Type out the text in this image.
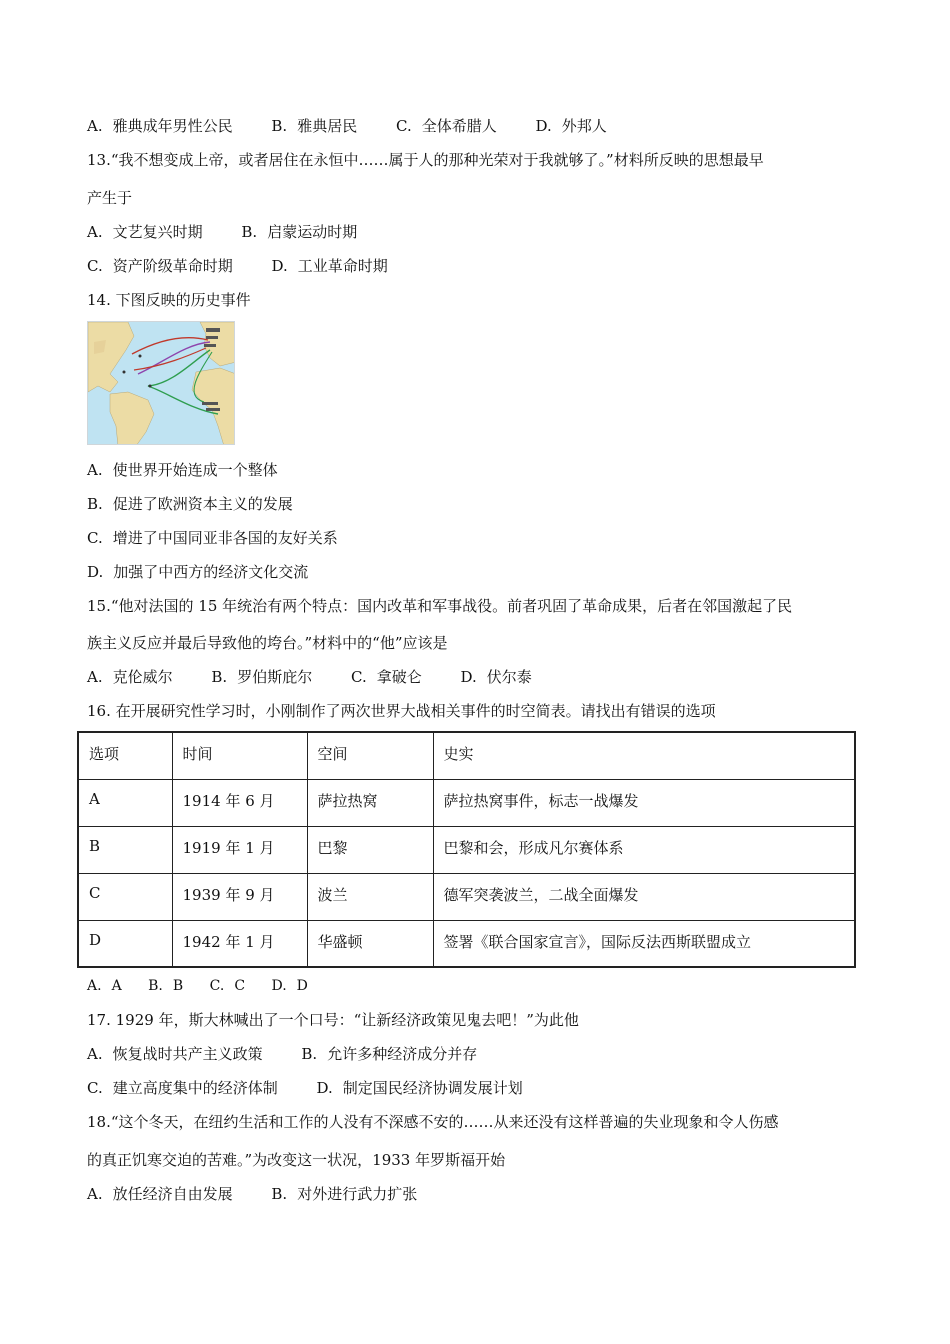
A. 雅典成年男性公民	B. 雅典居民	C. 全体希腊人	D. 外邦人
13.“我不想变成上帝，或者居住在永恒中……属于人的那种光荣对于我就够了。”材料所反映的思想最早
产生于
A. 文艺复兴时期	B. 启蒙运动时期
C. 资产阶级革命时期	D. 工业革命时期
14. 下图反映的历史事件
A. 使世界开始连成一个整体
B. 促进了欧洲资本主义的发展
C. 增进了中国同亚非各国的友好关系
D. 加强了中西方的经济文化交流
15.“他对法国的 15 年统治有两个特点：国内改革和军事战役。前者巩固了革命成果，后者在邻国激起了民
族主义反应并最后导致他的垮台。”材料中的“他”应该是
A. 克伦威尔	B. 罗伯斯庇尔	C. 拿破仑	D. 伏尔泰
16. 在开展研究性学习时，小刚制作了两次世界大战相关事件的时空简表。请找出有错误的选项
选项	时间	空间	史实
A	1914 年 6 月	萨拉热窝	萨拉热窝事件，标志一战爆发
B	1919 年 1 月	巴黎	巴黎和会，形成凡尔赛体系
C	1939 年 9 月	波兰	德军突袭波兰，二战全面爆发
D	1942 年 1 月	华盛顿	签署《联合国家宣言》，国际反法西斯联盟成立
A. A B. B C. C D. D
17. 1929 年，斯大林喊出了一个口号：“让新经济政策见鬼去吧！”为此他
A. 恢复战时共产主义政策	B. 允许多种经济成分并存
C. 建立高度集中的经济体制	D. 制定国民经济协调发展计划
18.“这个冬天，在纽约生活和工作的人没有不深感不安的……从来还没有这样普遍的失业现象和令人伤感
的真正饥寒交迫的苦难。”为改变这一状况，1933 年罗斯福开始
A. 放任经济自由发展	B. 对外进行武力扩张
